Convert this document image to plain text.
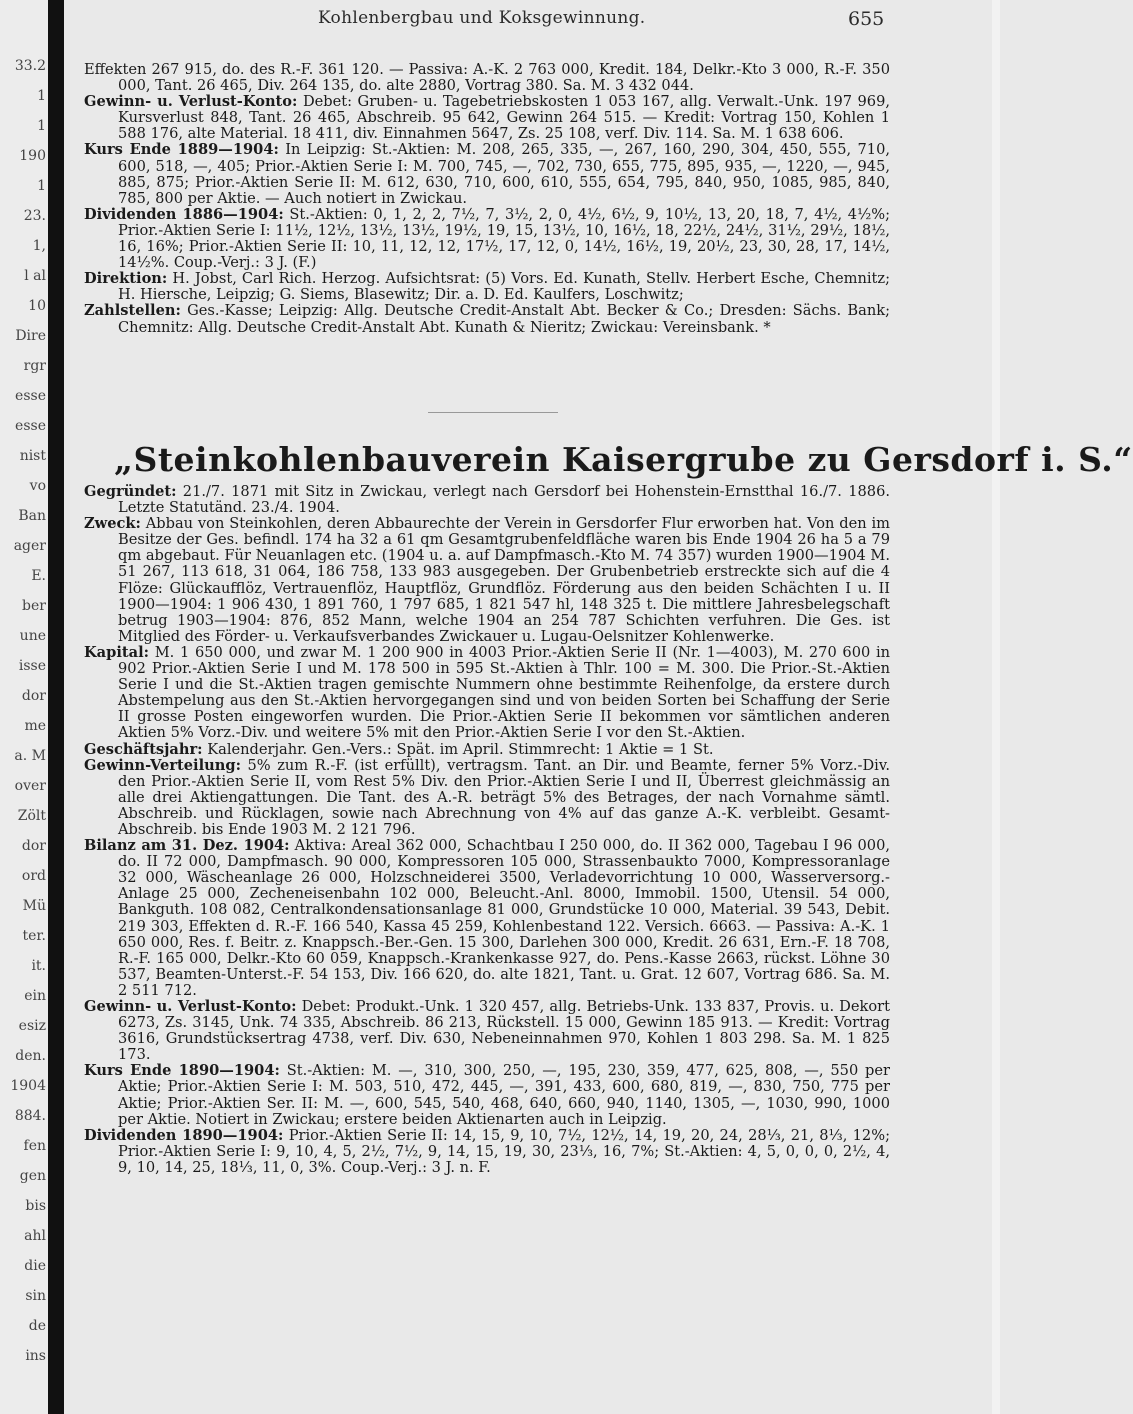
33.2
1
1
190
1
23.
1,
l al
10
Dire
rgr
esse
esse
nist
vo
Ban
ager
E.
ber
une
isse
dor
me
a. M
over
Zölt
dor
ord
Mü
ter.
it.
ein
esiz
den.
1904
884.
fen
gen
bis
ahl
die
sin
de
ins
Kohlenbergbau und Koksgewinnung.	655

Effekten 267 915, do. des R.-F. 361 120. — Passiva: A.-K. 2 763 000, Kredit. 184, Delkr.-Kto 3 000, R.-F. 350 000, Tant. 26 465, Div. 264 135, do. alte 2880, Vortrag 380. Sa. M. 3 432 044.

Gewinn- u. Verlust-Konto: Debet: Gruben- u. Tagebetriebskosten 1 053 167, allg. Verwalt.-Unk. 197 969, Kursverlust 848, Tant. 26 465, Abschreib. 95 642, Gewinn 264 515. — Kredit: Vortrag 150, Kohlen 1 588 176, alte Material. 18 411, div. Einnahmen 5647, Zs. 25 108, verf. Div. 114. Sa. M. 1 638 606.

Kurs Ende 1889—1904: In Leipzig: St.-Aktien: M. 208, 265, 335, —, 267, 160, 290, 304, 450, 555, 710, 600, 518, —, 405; Prior.-Aktien Serie I: M. 700, 745, —, 702, 730, 655, 775, 895, 935, —, 1220, —, 945, 885, 875; Prior.-Aktien Serie II: M. 612, 630, 710, 600, 610, 555, 654, 795, 840, 950, 1085, 985, 840, 785, 800 per Aktie. — Auch notiert in Zwickau.

Dividenden 1886—1904: St.-Aktien: 0, 1, 2, 2, 7½, 7, 3½, 2, 0, 4½, 6½, 9, 10½, 13, 20, 18, 7, 4½, 4½%; Prior.-Aktien Serie I: 11½, 12½, 13½, 13½, 19½, 19, 15, 13½, 10, 16½, 18, 22½, 24½, 31½, 29½, 18½, 16, 16%; Prior.-Aktien Serie II: 10, 11, 12, 12, 17½, 17, 12, 0, 14½, 16½, 19, 20½, 23, 30, 28, 17, 14½, 14½%. Coup.-Verj.: 3 J. (F.)

Direktion: H. Jobst, Carl Rich. Herzog. Aufsichtsrat: (5) Vors. Ed. Kunath, Stellv. Herbert Esche, Chemnitz; H. Hiersche, Leipzig; G. Siems, Blasewitz; Dir. a. D. Ed. Kaulfers, Loschwitz;

Zahlstellen: Ges.-Kasse; Leipzig: Allg. Deutsche Credit-Anstalt Abt. Becker & Co.; Dresden: Sächs. Bank; Chemnitz: Allg. Deutsche Credit-Anstalt Abt. Kunath & Nieritz; Zwickau: Vereinsbank. *

„Steinkohlenbauverein Kaisergrube zu Gersdorf i. S.“

Gegründet: 21./7. 1871 mit Sitz in Zwickau, verlegt nach Gersdorf bei Hohenstein-Ernstthal 16./7. 1886. Letzte Statutänd. 23./4. 1904.

Zweck: Abbau von Steinkohlen, deren Abbaurechte der Verein in Gersdorfer Flur erworben hat. Von den im Besitze der Ges. befindl. 174 ha 32 a 61 qm Gesamtgrubenfeldfläche waren bis Ende 1904 26 ha 5 a 79 qm abgebaut. Für Neuanlagen etc. (1904 u. a. auf Dampfmasch.-Kto M. 74 357) wurden 1900—1904 M. 51 267, 113 618, 31 064, 186 758, 133 983 ausgegeben. Der Grubenbetrieb erstreckte sich auf die 4 Flöze: Glückaufflöz, Vertrauenflöz, Hauptflöz, Grundflöz. Förderung aus den beiden Schächten I u. II 1900—1904: 1 906 430, 1 891 760, 1 797 685, 1 821 547 hl, 148 325 t. Die mittlere Jahresbelegschaft betrug 1903—1904: 876, 852 Mann, welche 1904 an 254 787 Schichten verfuhren. Die Ges. ist Mitglied des Förder- u. Verkaufsverbandes Zwickauer u. Lugau-Oelsnitzer Kohlenwerke.

Kapital: M. 1 650 000, und zwar M. 1 200 900 in 4003 Prior.-Aktien Serie II (Nr. 1—4003), M. 270 600 in 902 Prior.-Aktien Serie I und M. 178 500 in 595 St.-Aktien à Thlr. 100 = M. 300. Die Prior.-St.-Aktien Serie I und die St.-Aktien tragen gemischte Nummern ohne bestimmte Reihenfolge, da erstere durch Abstempelung aus den St.-Aktien hervorgegangen sind und von beiden Sorten bei Schaffung der Serie II grosse Posten eingeworfen wurden. Die Prior.-Aktien Serie II bekommen vor sämtlichen anderen Aktien 5% Vorz.-Div. und weitere 5% mit den Prior.-Aktien Serie I vor den St.-Aktien.

Geschäftsjahr: Kalenderjahr. Gen.-Vers.: Spät. im April. Stimmrecht: 1 Aktie = 1 St.

Gewinn-Verteilung: 5% zum R.-F. (ist erfüllt), vertragsm. Tant. an Dir. und Beamte, ferner 5% Vorz.-Div. den Prior.-Aktien Serie II, vom Rest 5% Div. den Prior.-Aktien Serie I und II, Überrest gleichmässig an alle drei Aktiengattungen. Die Tant. des A.-R. beträgt 5% des Betrages, der nach Vornahme sämtl. Abschreib. und Rücklagen, sowie nach Abrechnung von 4% auf das ganze A.-K. verbleibt. Gesamt-Abschreib. bis Ende 1903 M. 2 121 796.

Bilanz am 31. Dez. 1904: Aktiva: Areal 362 000, Schachtbau I 250 000, do. II 362 000, Tagebau I 96 000, do. II 72 000, Dampfmasch. 90 000, Kompressoren 105 000, Strassenbaukto 7000, Kompressoranlage 32 000, Wäscheanlage 26 000, Holzschneiderei 3500, Verladevorrichtung 10 000, Wasserversorg.-Anlage 25 000, Zecheneisenbahn 102 000, Beleucht.-Anl. 8000, Immobil. 1500, Utensil. 54 000, Bankguth. 108 082, Centralkondensationsanlage 81 000, Grundstücke 10 000, Material. 39 543, Debit. 219 303, Effekten d. R.-F. 166 540, Kassa 45 259, Kohlenbestand 122. Versich. 6663. — Passiva: A.-K. 1 650 000, Res. f. Beitr. z. Knappsch.-Ber.-Gen. 15 300, Darlehen 300 000, Kredit. 26 631, Ern.-F. 18 708, R.-F. 165 000, Delkr.-Kto 60 059, Knappsch.-Krankenkasse 927, do. Pens.-Kasse 2663, rückst. Löhne 30 537, Beamten-Unterst.-F. 54 153, Div. 166 620, do. alte 1821, Tant. u. Grat. 12 607, Vortrag 686. Sa. M. 2 511 712.

Gewinn- u. Verlust-Konto: Debet: Produkt.-Unk. 1 320 457, allg. Betriebs-Unk. 133 837, Provis. u. Dekort 6273, Zs. 3145, Unk. 74 335, Abschreib. 86 213, Rückstell. 15 000, Gewinn 185 913. — Kredit: Vortrag 3616, Grundstücksertrag 4738, verf. Div. 630, Nebeneinnahmen 970, Kohlen 1 803 298. Sa. M. 1 825 173.

Kurs Ende 1890—1904: St.-Aktien: M. —, 310, 300, 250, —, 195, 230, 359, 477, 625, 808, —, 550 per Aktie; Prior.-Aktien Serie I: M. 503, 510, 472, 445, —, 391, 433, 600, 680, 819, —, 830, 750, 775 per Aktie; Prior.-Aktien Ser. II: M. —, 600, 545, 540, 468, 640, 660, 940, 1140, 1305, —, 1030, 990, 1000 per Aktie. Notiert in Zwickau; erstere beiden Aktienarten auch in Leipzig.

Dividenden 1890—1904: Prior.-Aktien Serie II: 14, 15, 9, 10, 7½, 12½, 14, 19, 20, 24, 28⅓, 21, 8⅓, 12%; Prior.-Aktien Serie I: 9, 10, 4, 5, 2½, 7½, 9, 14, 15, 19, 30, 23⅓, 16, 7%; St.-Aktien: 4, 5, 0, 0, 0, 2½, 4, 9, 10, 14, 25, 18⅓, 11, 0, 3%. Coup.-Verj.: 3 J. n. F.
